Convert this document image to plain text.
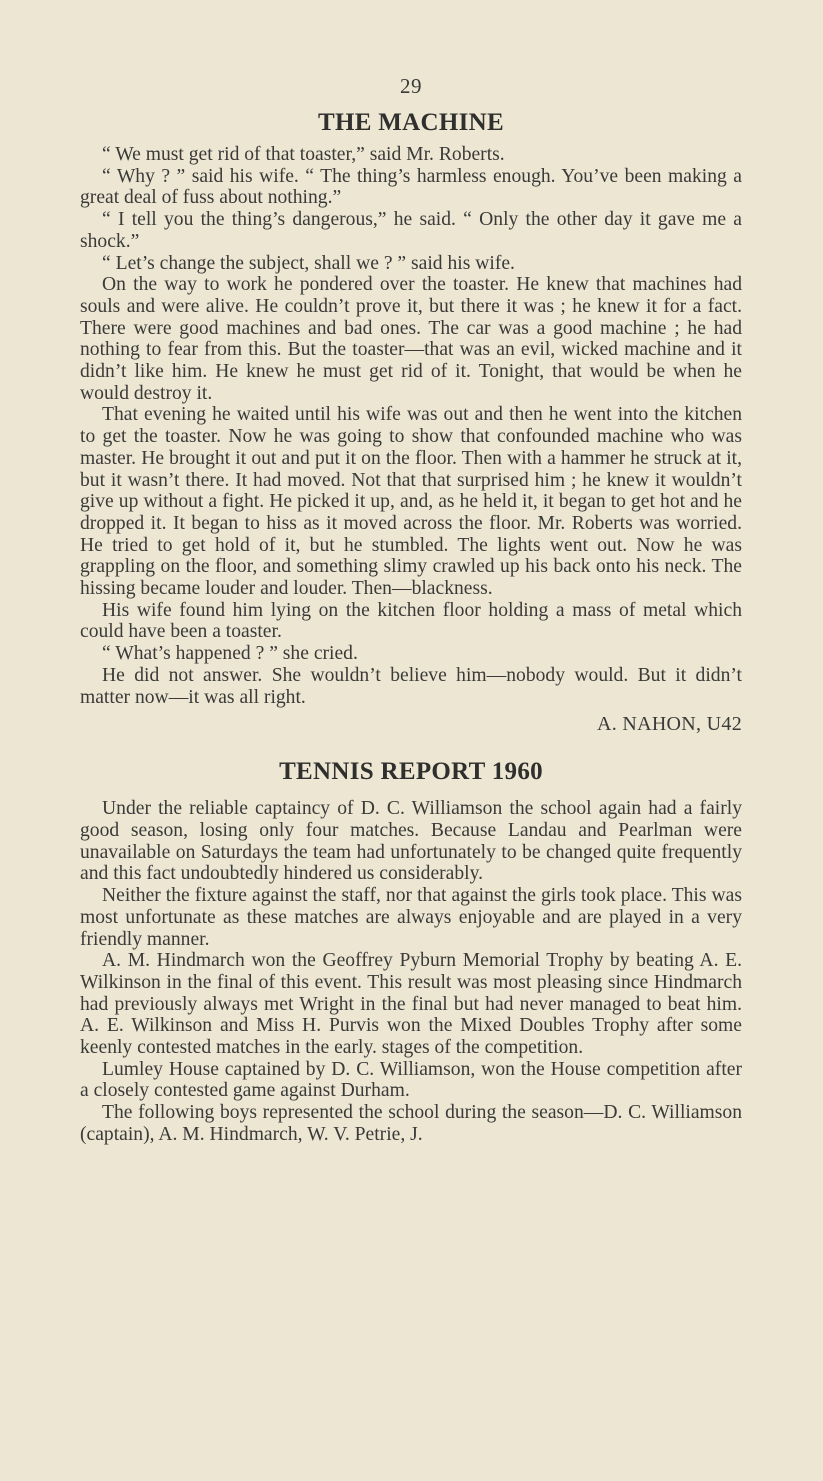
29
THE MACHINE

“ We must get rid of that toaster,” said Mr. Roberts.

“ Why ? ” said his wife. “ The thing’s harmless enough. You’ve been making a great deal of fuss about nothing.”

“ I tell you the thing’s dangerous,” he said. “ Only the other day it gave me a shock.”

“ Let’s change the subject, shall we ? ” said his wife.

On the way to work he pondered over the toaster. He knew that machines had souls and were alive. He couldn’t prove it, but there it was ; he knew it for a fact. There were good machines and bad ones. The car was a good machine ; he had nothing to fear from this. But the toaster—that was an evil, wicked machine and it didn’t like him. He knew he must get rid of it. Tonight, that would be when he would destroy it.

That evening he waited until his wife was out and then he went into the kitchen to get the toaster. Now he was going to show that confounded machine who was master. He brought it out and put it on the floor. Then with a hammer he struck at it, but it wasn’t there. It had moved. Not that that surprised him ; he knew it wouldn’t give up without a fight. He picked it up, and, as he held it, it began to get hot and he dropped it. It began to hiss as it moved across the floor. Mr. Roberts was worried. He tried to get hold of it, but he stumbled. The lights went out. Now he was grappling on the floor, and something slimy crawled up his back onto his neck. The hissing became louder and louder. Then—blackness.

His wife found him lying on the kitchen floor holding a mass of metal which could have been a toaster.

“ What’s happened ? ” she cried.

He did not answer. She wouldn’t believe him—nobody would. But it didn’t matter now—it was all right.

A. NAHON, U42
TENNIS REPORT 1960

Under the reliable captaincy of D. C. Williamson the school again had a fairly good season, losing only four matches. Because Landau and Pearlman were unavailable on Saturdays the team had unfortunately to be changed quite frequently and this fact undoubtedly hindered us considerably.

Neither the fixture against the staff, nor that against the girls took place. This was most unfortunate as these matches are always enjoyable and are played in a very friendly manner.

A. M. Hindmarch won the Geoffrey Pyburn Memorial Trophy by beating A. E. Wilkinson in the final of this event. This result was most pleasing since Hindmarch had previously always met Wright in the final but had never managed to beat him. A. E. Wilkinson and Miss H. Purvis won the Mixed Doubles Trophy after some keenly contested matches in the early. stages of the competition.

Lumley House captained by D. C. Williamson, won the House competition after a closely contested game against Durham.

The following boys represented the school during the season—D. C. Williamson (captain), A. M. Hindmarch, W. V. Petrie, J.
